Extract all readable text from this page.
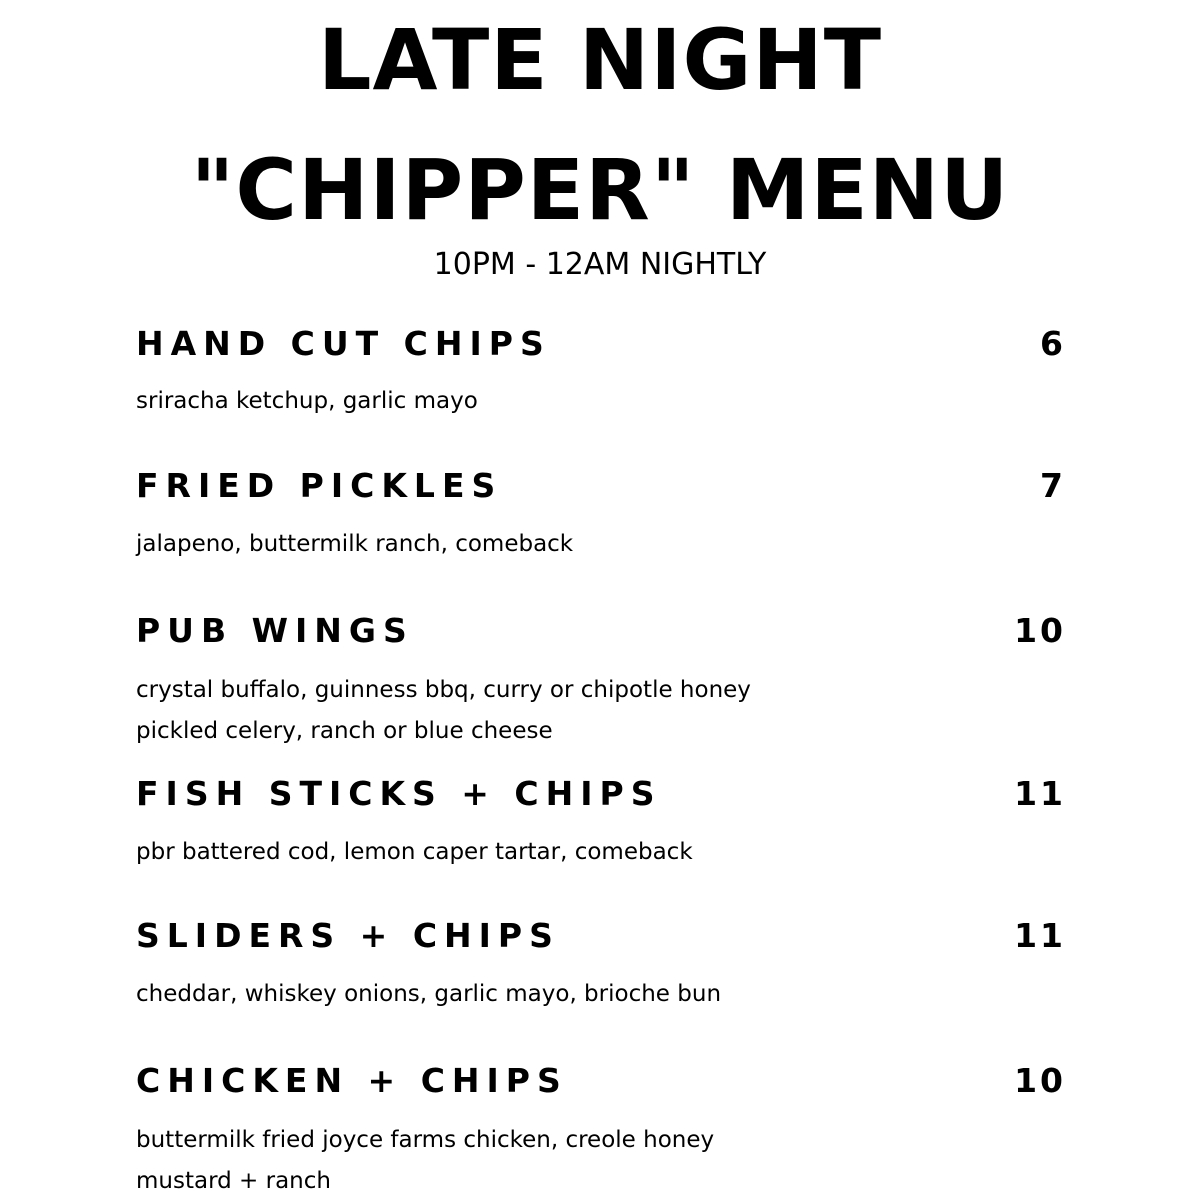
LATE NIGHT
"CHIPPER" MENU
10PM - 12AM NIGHTLY
HAND CUT CHIPS	6
sriracha ketchup, garlic mayo
FRIED PICKLES	7
jalapeno, buttermilk ranch, comeback
PUB WINGS	10
crystal buffalo, guinness bbq, curry or chipotle honey
pickled celery, ranch or blue cheese
FISH STICKS + CHIPS	11
pbr battered cod, lemon caper tartar, comeback
SLIDERS + CHIPS	11
cheddar, whiskey onions, garlic mayo, brioche bun
CHICKEN + CHIPS	10
buttermilk fried joyce farms chicken, creole honey
mustard + ranch
